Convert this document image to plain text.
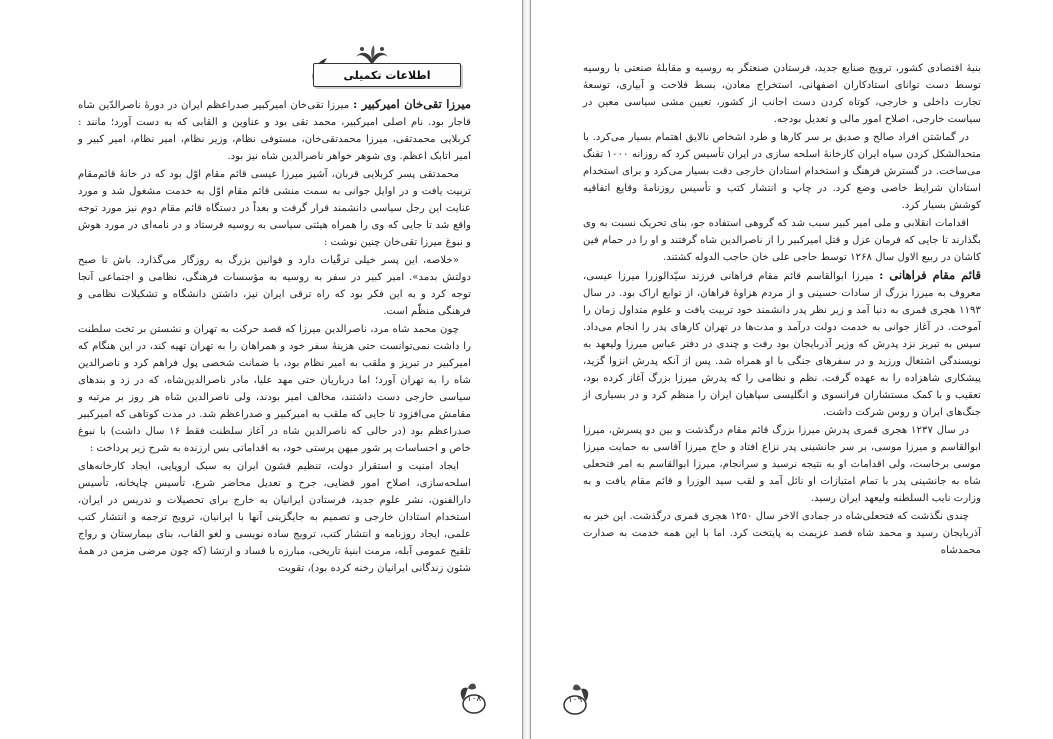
اطلاعات تکمیلی

میرزا تقی‌خان امیرکبیر : میرزا تقی‌خان امیرکبیر صدراعظم ایران در دورهٔ ناصرالدّین شاه قاجار بود. نام اصلی امیرکبیر، محمد تقی بود و عناوین و القابی که به دست آورد؛ مانند : کربلایی محمدتقی، میرزا محمدتقی‌خان، مستوفی نظام، وزیر نظام، امیر نظام، امیر کبیر و امیر اتابک اعظم. وی شوهر خواهر ناصرالدین شاه نیز بود.

محمدتقی پسر کربلایی قربان، آشپز میرزا عیسی قائم مقام اوّل بود که در خانهٔ قائم‌مقام تربیت یافت و در اوایل جوانی به سمت منشی قائم مقام اوّل به خدمت مشغول شد و مورد عنایت این رجل سیاسی دانشمند قرار گرفت و بعداً در دستگاه قائم مقام دوم نیز مورد توجه واقع شد تا جایی که وی را همراه هیئتی سیاسی به روسیه فرستاد و در نامه‌ای در مورد هوش و نبوغ میرزا تقی‌خان چنین نوشت :

«خلاصه، این پسر خیلی ترقّیات دارد و قوانین بزرگ به روزگار می‌گذارد. باش تا صبح دولتش بدمد». امیر کبیر در سفر به روسیه به مؤسسات فرهنگی، نظامی و اجتماعی آنجا توجه کرد و به این فکر بود که راه ترقی ایران نیز، داشتن دانشگاه و تشکیلات نظامی و فرهنگی منظّم است.

چون محمد شاه مرد، ناصرالدین میرزا که قصد حرکت به تهران و نشستن بر تخت سلطنت را داشت نمی‌توانست حتی هزینهٔ سفر خود و همراهان را به تهران تهیه کند، در این هنگام که امیرکبیر در تبریز و ملقب به امیر نظام بود، با ضمانت شخصی پول فراهم کرد و ناصرالدین شاه را به تهران آورد؛ اما درباریان حتی مهد علیا، مادر ناصرالدین‌شاه، که در زد و بندهای سیاسی خارجی دست داشتند، مخالف امیر بودند، ولی ناصرالدین شاه هر روز بر مرتبه و مقامش می‌افزود تا جایی که ملقب به امیرکبیر و صدراعظم شد. در مدت کوتاهی که امیرکبیر صدراعظم بود (در حالی که ناصرالدین شاه در آغاز سلطنت فقط ۱۶ سال داشت) با نبوغ خاص و احساسات پر شور میهن پرستی خود، به اقداماتی بس ارزنده به شرح زیر پرداخت :

ایجاد امنیت و استقرار دولت، تنظیم قشون ایران به سبک اروپایی، ایجاد کارخانه‌های اسلحه‌سازی، اصلاح امور قضایی، جرح و تعدیل محاضر شرع، تأسیس چاپخانه، تأسیس دارالفنون، نشر علوم جدید، فرستادن ایرانیان به خارج برای تحصیلات و تدریس در ایران، استخدام استادان خارجی و تصمیم به جایگزینی آنها با ایرانیان، ترویج ترجمه و انتشار کتب علمی، ایجاد روزنامه و انتشار کتب، ترویج ساده نویسی و لغو القاب، بنای بیمارستان و رواج تلقیح عمومی آبله، مرمت ابنیهٔ تاریخی، مبارزه با فساد و ارتشا (که چون مرضی مزمن در همهٔ شئون زندگانی ایرانیان رخنه کرده بود)، تقویت

۱۰۸

بنیهٔ اقتصادی کشور، ترویج صنایع جدید، فرستادن صنعتگر به روسیه و مقابلهٔ صنعتی با روسیه توسط دست توانای استادکاران اصفهانی، استخراج معادن، بسط فلاحت و آبیاری، توسعهٔ تجارت داخلی و خارجی، کوتاه کردن دست اجانب از کشور، تعیین مشی سیاسی معین در سیاست خارجی، اصلاح امور مالی و تعدیل بودجه.

در گماشتن افراد صالح و صدیق بر سر کارها و طرد اشخاص نالایق اهتمام بسیار می‌کرد. با متحدالشکل کردن سپاه ایران کارخانهٔ اسلحه سازی در ایران تأسیس کرد که روزانه ۱۰۰۰ تفنگ می‌ساخت. در گسترش فرهنگ و استخدام استادان خارجی دقت بسیار می‌کرد و برای استخدام استادان شرایط خاصی وضع کرد. در چاپ و انتشار کتب و تأسیس روزنامهٔ وقایع اتفاقیه کوشش بسیار کرد.

اقدامات انقلابی و ملی امیر کبیر سبب شد که گروهی استفاده جو، بنای تحریک نسبت به وی بگذارند تا جایی که فرمان عزل و قتل امیرکبیر را از ناصرالدین شاه گرفتند و او را در حمام فین کاشان در ربیع الاول سال ۱۲۶۸ توسط حاجی علی خان حاجب الدوله کشتند.

قائم مقام فراهانی : میرزا ابوالقاسم قائم مقام فراهانی فرزند سیّدالوزرا میرزا عیسی، معروف به میرزا بزرگ از سادات حسینی و از مردم هزاوهٔ فراهان، از توابع اراک بود. در سال ۱۱۹۳ هجری قمری به دنیا آمد و زیر نظر پدر دانشمند خود تربیت یافت و علوم متداول زمان را آموخت. در آغاز جوانی به خدمت دولت درآمد و مدت‌ها در تهران کارهای پدر را انجام می‌داد. سپس به تبریز نزد پدرش که وزیر آذربایجان بود رفت و چندی در دفتر عباس میرزا ولیعهد به نویسندگی اشتغال ورزید و در سفرهای جنگی با او همراه شد. پس از آنکه پدرش انزوا گزید، پیشکاری شاهزاده را به عهده گرفت. نظم و نظامی را که پدرش میرزا بزرگ آغاز کرده بود، تعقیب و با کمک مستشاران فرانسوی و انگلیسی سپاهیان ایران را منظم کرد و در بسیاری از جنگ‌های ایران و روس شرکت داشت.

در سال ۱۲۳۷ هجری قمری پدرش میرزا بزرگ قائم مقام درگذشت و بین دو پسرش، میرزا ابوالقاسم و میرزا موسی، بر سر جانشینی پدر نزاع افتاد و حاج میرزا آقاسی به حمایت میرزا موسی برخاست، ولی اقدامات او به نتیجه نرسید و سرانجام، میرزا ابوالقاسم به امر فتحعلی شاه به جانشینی پدر با تمام امتیازات او نائل آمد و لقب سید الوزرا و قائم مقام یافت و به وزارت نایب السلطنه ولیعهد ایران رسید.

چندی نگذشت که فتحعلی‌شاه در جمادی الاخر سال ۱۲۵۰ هجری قمری درگذشت. این خبر به آذربایجان رسید و محمد شاه قصد عزیمت به پایتخت کرد. اما با این همه خدمت به صدارت محمدشاه

۱۰۹
